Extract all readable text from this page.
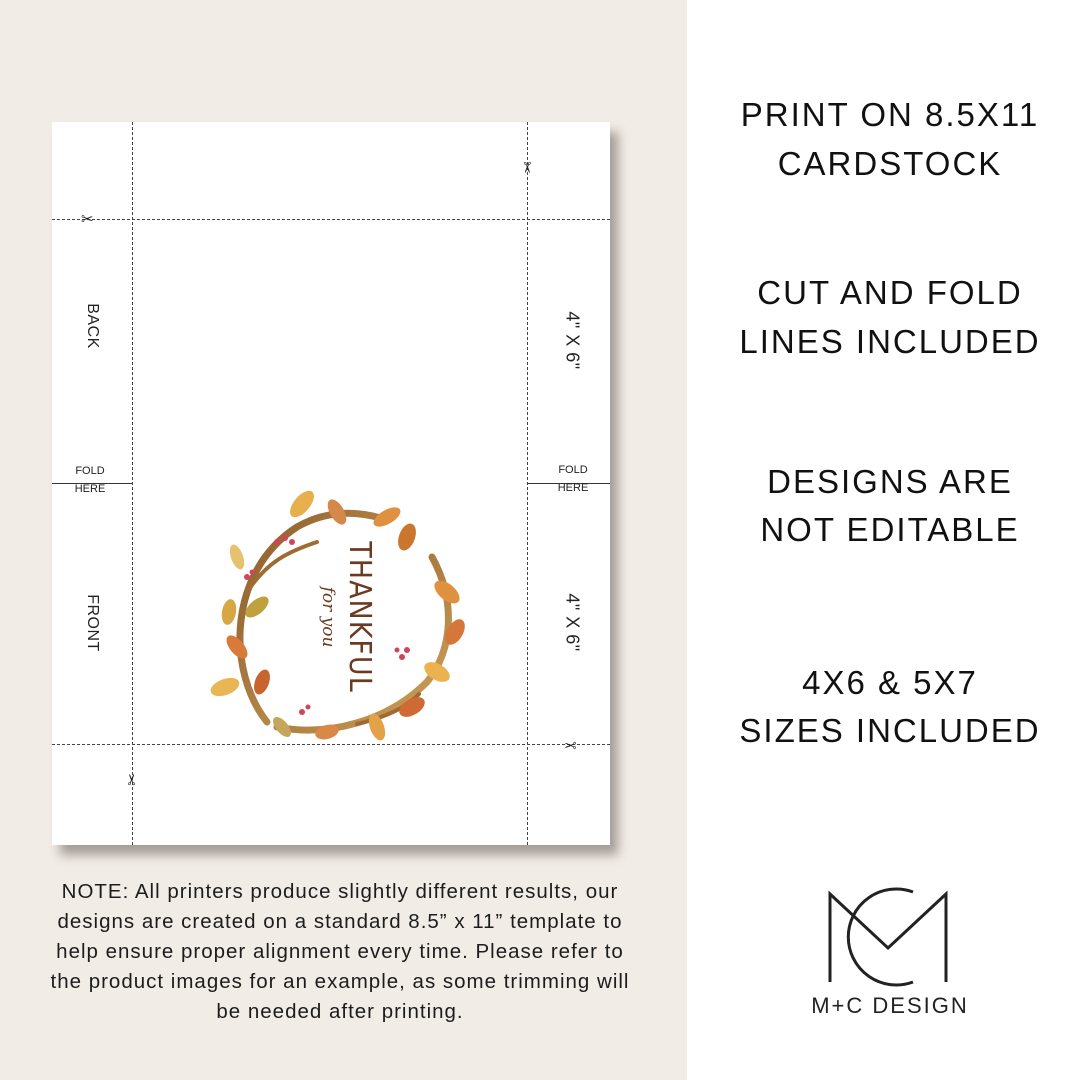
✂
✂
✂
✂
BACK
FRONT
4" X 6"
4" X 6"
FOLD
HERE
FOLD
HERE
THANKFUL
for you
PRINT ON 8.5X11
CARDSTOCK
CUT AND FOLD
LINES INCLUDED
DESIGNS ARE
NOT EDITABLE
4X6 & 5X7
SIZES INCLUDED
NOTE: All printers produce slightly different results, our designs are created on a standard 8.5” x 11” template to help ensure proper alignment every time. Please refer to the product images for an example, as some trimming will be needed after printing.	M+C DESIGN
